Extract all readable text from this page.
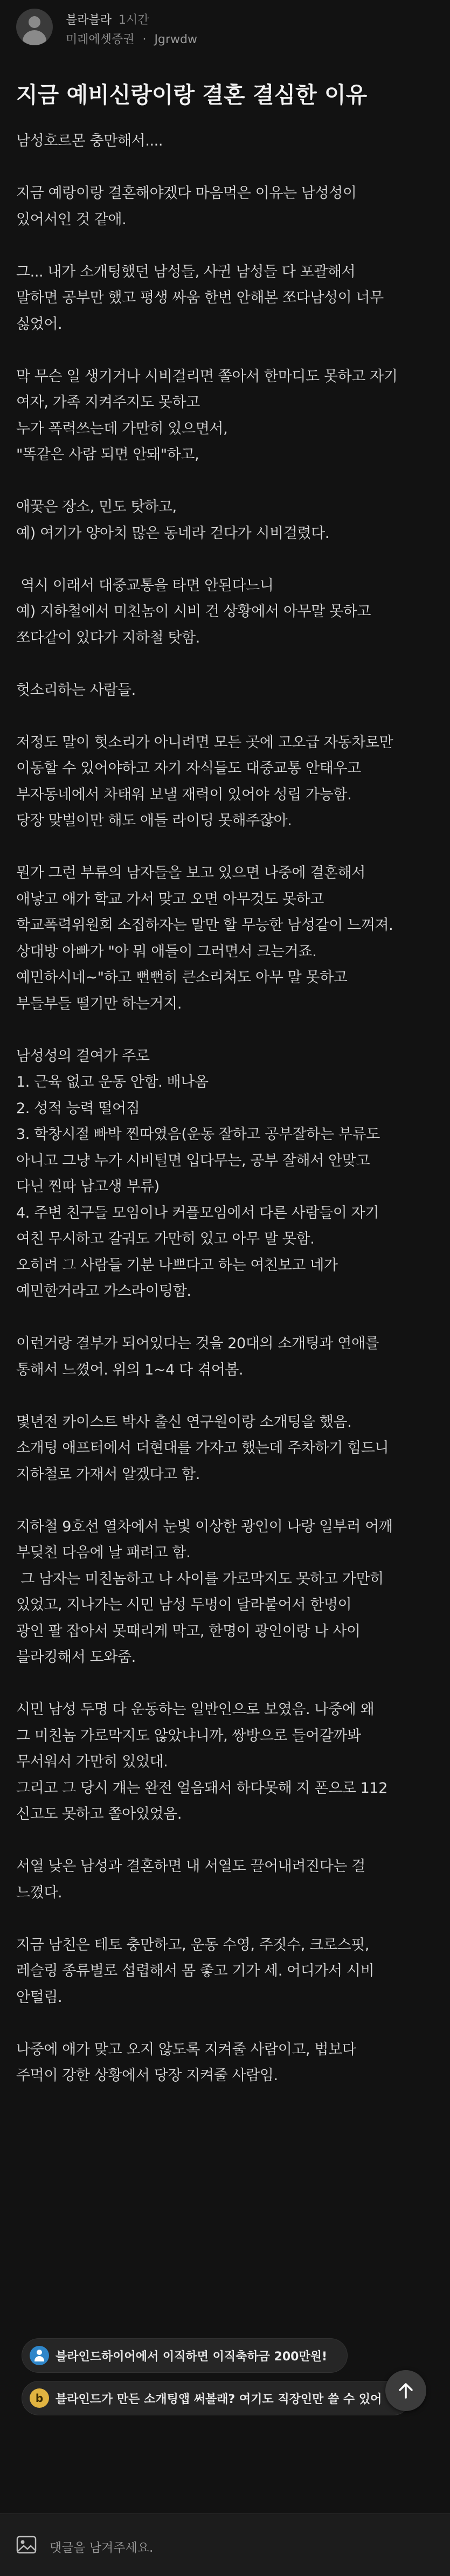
블라블라 1시간
미래에셋증권 · Jgrwdw
지금 예비신랑이랑 결혼 결심한 이유
남성호르몬 충만해서....

지금 예랑이랑 결혼해야겠다 마음먹은 이유는 남성성이
있어서인 것 같애.

그... 내가 소개팅했던 남성들, 사귄 남성들 다 포괄해서
말하면 공부만 했고 평생 싸움 한번 안해본 쪼다남성이 너무
싫었어.

막 무슨 일 생기거나 시비걸리면 쫄아서 한마디도 못하고 자기
여자, 가족 지켜주지도 못하고
누가 폭력쓰는데 가만히 있으면서,
"똑같은 사람 되면 안돼"하고,

애꿎은 장소, 민도 탓하고,
예) 여기가 양아치 많은 동네라 걷다가 시비걸렸다.

역시 이래서 대중교통을 타면 안된다느니
예) 지하철에서 미친놈이 시비 건 상황에서 아무말 못하고
쪼다같이 있다가 지하철 탓함.

헛소리하는 사람들.

저정도 말이 헛소리가 아니려면 모든 곳에 고오급 자동차로만
이동할 수 있어야하고 자기 자식들도 대중교통 안태우고
부자동네에서 차태워 보낼 재력이 있어야 성립 가능함.
당장 맞벌이만 해도 애들 라이딩 못해주잖아.

뭔가 그런 부류의 남자들을 보고 있으면 나중에 결혼해서
애낳고 애가 학교 가서 맞고 오면 아무것도 못하고
학교폭력위원회 소집하자는 말만 할 무능한 남성같이 느껴져.
상대방 아빠가 "아 뭐 애들이 그러면서 크는거죠.
예민하시네~"하고 뻔뻔히 큰소리쳐도 아무 말 못하고
부들부들 떨기만 하는거지.

남성성의 결여가 주로
1. 근육 없고 운동 안함. 배나옴
2. 성적 능력 떨어짐
3. 학창시절 빠박 찐따였음(운동 잘하고 공부잘하는 부류도
아니고 그냥 누가 시비털면 입다무는, 공부 잘해서 안맞고
다닌 찐따 남고생 부류)
4. 주변 친구들 모임이나 커플모임에서 다른 사람들이 자기
여친 무시하고 갈궈도 가만히 있고 아무 말 못함.
오히려 그 사람들 기분 나쁘다고 하는 여친보고 네가
예민한거라고 가스라이팅함.

이런거랑 결부가 되어있다는 것을 20대의 소개팅과 연애를
통해서 느꼈어. 위의 1~4 다 겪어봄.

몇년전 카이스트 박사 출신 연구원이랑 소개팅을 했음.
소개팅 애프터에서 더현대를 가자고 했는데 주차하기 힘드니
지하철로 가재서 알겠다고 함.

지하철 9호선 열차에서 눈빛 이상한 광인이 나랑 일부러 어깨
부딪친 다음에 날 패려고 함.
그 남자는 미친놈하고 나 사이를 가로막지도 못하고 가만히
있었고, 지나가는 시민 남성 두명이 달라붙어서 한명이
광인 팔 잡아서 못때리게 막고, 한명이 광인이랑 나 사이
블라킹해서 도와줌.

시민 남성 두명 다 운동하는 일반인으로 보였음. 나중에 왜
그 미친놈 가로막지도 않았냐니까, 쌍방으로 들어갈까봐
무서워서 가만히 있었대.
그리고 그 당시 걔는 완전 얼음돼서 하다못해 지 폰으로 112
신고도 못하고 쫄아있었음.

서열 낮은 남성과 결혼하면 내 서열도 끌어내려진다는 걸
느꼈다.

지금 남친은 테토 충만하고, 운동 수영, 주짓수, 크로스핏,
레슬링 종류별로 섭렵해서 몸 좋고 기가 세. 어디가서 시비
안털림.

나중에 애가 맞고 오지 않도록 지켜줄 사람이고, 법보다
주먹이 강한 상황에서 당장 지켜줄 사람임.
블라인드하이어에서 이직하면 이직축하금 200만원!
b	블라인드가 만든 소개팅앱 써볼래? 여기도 직장인만 쓸 수 있어
댓글을 남겨주세요.
